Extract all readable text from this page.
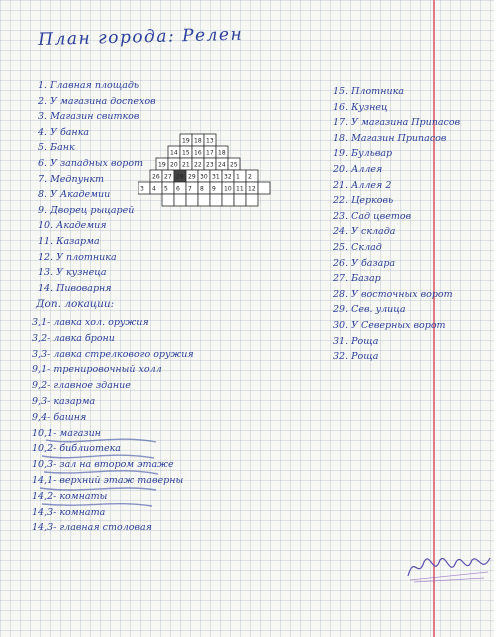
План города: Релен
1. Главная площадь
2. У магазина доспехов
3. Магазин свитков
4. У банка
5. Банк
6. У западных ворот
7. Медпункт
8. У Академии
9. Дворец рыцарей
10. Академия
11. Казарма
12. У плотника
13. У кузнеца
14. Пивоварня
15. Плотника
16. Кузнец
17. У магазина Припасов
18. Магазин Припасов
19. Бульвар
20. Аллея
21. Аллея 2
22. Церковь
23. Сад цветов
24. У склада
25. Склад
26. У базара
27. Базар
28. У восточных ворот
29. Сев. улица
30. У Северных ворот
31. Роща
32. Роща
19 18 13
14 15 16 17 18
19 20 21 22 23 24 25
26 27 28 29 30 31 32 1 2
3 4 5 6 7 8 9 10 11 12
Доп. локации:
3,1- лавка хол. оружия
3,2- лавка брони
3,3- лавка стрелкового оружия
9,1- тренировочный холл
9,2- главное здание
9,3- казарма
9,4- башня
10,1- магазин
10,2- библиотека
10,3- зал на втором этаже
14,1- верхний этаж таверны
14,2- комнаты
14,3- комната
14,3- главная столовая
